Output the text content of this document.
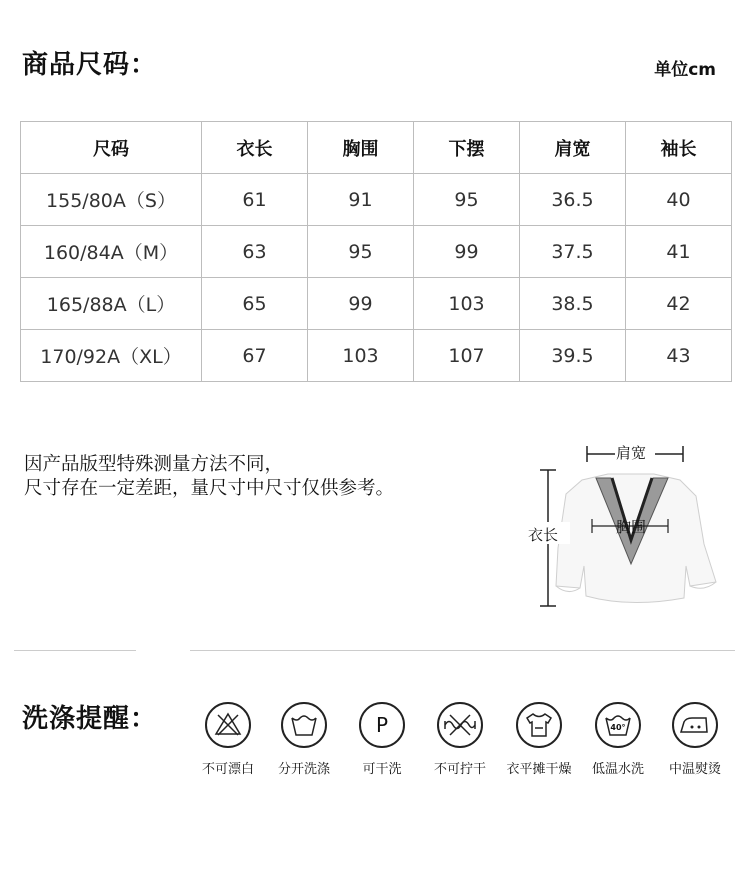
商品尺码：	单位cm
尺码	衣长	胸围	下摆	肩宽	袖长
155/80A（S）	61	91	95	36.5	40
160/84A（M）	63	95	99	37.5	41
165/88A（L）	65	99	103	38.5	42
170/92A（XL）	67	103	107	39.5	43
因产品版型特殊测量方法不同，
尺寸存在一定差距，量尺寸中尺寸仅供参考。
肩宽
衣长	胸围
洗涤提醒：
不可漂白	分开洗涤
P
可干洗	不可拧干	衣平摊干燥
40°
低温水洗	中温熨烫
